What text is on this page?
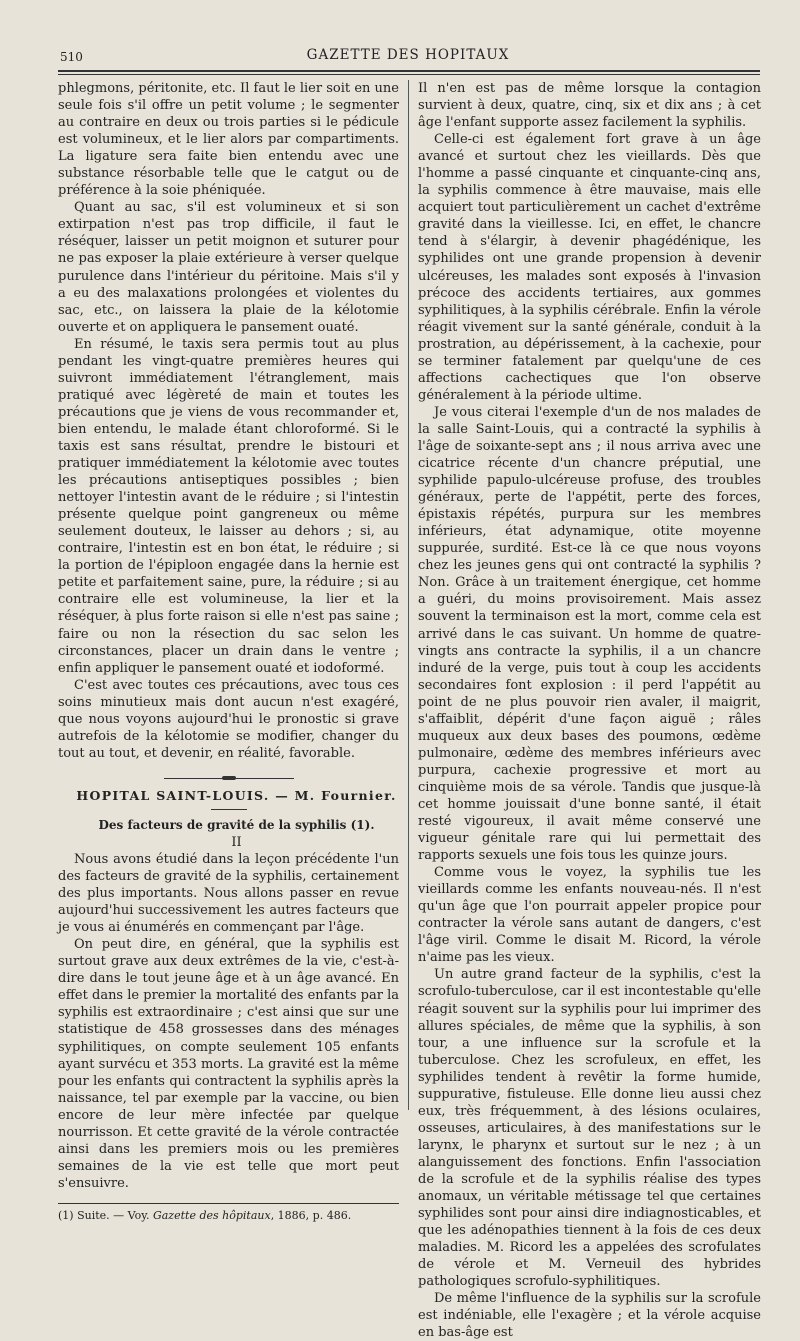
510	GAZETTE DES HOPITAUX

phlegmons, péritonite, etc. Il faut le lier soit en une seule fois s'il offre un petit volume ; le segmenter au contraire en deux ou trois parties si le pédicule est volumineux, et le lier alors par compartiments. La ligature sera faite bien entendu avec une substance résorbable telle que le catgut ou de préférence à la soie phéniquée.

Quant au sac, s'il est volumineux et si son extirpation n'est pas trop difficile, il faut le réséquer, laisser un petit moignon et suturer pour ne pas exposer la plaie extérieure à verser quelque purulence dans l'intérieur du péritoine. Mais s'il y a eu des malaxations prolongées et violentes du sac, etc., on laissera la plaie de la kélotomie ouverte et on appliquera le pansement ouaté.

En résumé, le taxis sera permis tout au plus pendant les vingt-quatre premières heures qui suivront immédiatement l'étranglement, mais pratiqué avec légèreté de main et toutes les précautions que je viens de vous recommander et, bien entendu, le malade étant chloroformé. Si le taxis est sans résultat, prendre le bistouri et pratiquer immédiatement la kélotomie avec toutes les précautions antiseptiques possibles ; bien nettoyer l'intestin avant de le réduire ; si l'intestin présente quelque point gangreneux ou même seulement douteux, le laisser au dehors ; si, au contraire, l'intestin est en bon état, le réduire ; si la portion de l'épiploon engagée dans la hernie est petite et parfaitement saine, pure, la réduire ; si au contraire elle est volumineuse, la lier et la réséquer, à plus forte raison si elle n'est pas saine ; faire ou non la résection du sac selon les circonstances, placer un drain dans le ventre ; enfin appliquer le pansement ouaté et iodoformé.

C'est avec toutes ces précautions, avec tous ces soins minutieux mais dont aucun n'est exagéré, que nous voyons aujourd'hui le pronostic si grave autrefois de la kélotomie se modifier, changer du tout au tout, et devenir, en réalité, favorable.

HOPITAL SAINT-LOUIS. — M. Fournier.

Des facteurs de gravité de la syphilis (1).

II

Nous avons étudié dans la leçon précédente l'un des facteurs de gravité de la syphilis, certainement des plus importants. Nous allons passer en revue aujourd'hui successivement les autres facteurs que je vous ai énumérés en commençant par l'âge.

On peut dire, en général, que la syphilis est surtout grave aux deux extrêmes de la vie, c'est-à-dire dans le tout jeune âge et à un âge avancé. En effet dans le premier la mortalité des enfants par la syphilis est extraordinaire ; c'est ainsi que sur une statistique de 458 grossesses dans des ménages syphilitiques, on compte seulement 105 enfants ayant survécu et 353 morts. La gravité est la même pour les enfants qui contractent la syphilis après la naissance, tel par exemple par la vaccine, ou bien encore de leur mère infectée par quelque nourrisson. Et cette gravité de la vérole contractée ainsi dans les premiers mois ou les premières semaines de la vie est telle que mort peut s'ensuivre.

(1) Suite. — Voy. Gazette des hôpitaux, 1886, p. 486.

Il n'en est pas de même lorsque la contagion survient à deux, quatre, cinq, six et dix ans ; à cet âge l'enfant supporte assez facilement la syphilis.

Celle-ci est également fort grave à un âge avancé et surtout chez les vieillards. Dès que l'homme a passé cinquante et cinquante-cinq ans, la syphilis commence à être mauvaise, mais elle acquiert tout particulièrement un cachet d'extrême gravité dans la vieillesse. Ici, en effet, le chancre tend à s'élargir, à devenir phagédénique, les syphilides ont une grande propension à devenir ulcéreuses, les malades sont exposés à l'invasion précoce des accidents tertiaires, aux gommes syphilitiques, à la syphilis cérébrale. Enfin la vérole réagit vivement sur la santé générale, conduit à la prostration, au dépérissement, à la cachexie, pour se terminer fatalement par quelqu'une de ces affections cachectiques que l'on observe généralement à la période ultime.

Je vous citerai l'exemple d'un de nos malades de la salle Saint-Louis, qui a contracté la syphilis à l'âge de soixante-sept ans ; il nous arriva avec une cicatrice récente d'un chancre préputial, une syphilide papulo-ulcéreuse profuse, des troubles généraux, perte de l'appétit, perte des forces, épistaxis répétés, purpura sur les membres inférieurs, état adynamique, otite moyenne suppurée, surdité. Est-ce là ce que nous voyons chez les jeunes gens qui ont contracté la syphilis ? Non. Grâce à un traitement énergique, cet homme a guéri, du moins provisoirement. Mais assez souvent la terminaison est la mort, comme cela est arrivé dans le cas suivant. Un homme de quatre-vingts ans contracte la syphilis, il a un chancre induré de la verge, puis tout à coup les accidents secondaires font explosion : il perd l'appétit au point de ne plus pouvoir rien avaler, il maigrit, s'affaiblit, dépérit d'une façon aiguë ; râles muqueux aux deux bases des poumons, œdème pulmonaire, œdème des membres inférieurs avec purpura, cachexie progressive et mort au cinquième mois de sa vérole. Tandis que jusque-là cet homme jouissait d'une bonne santé, il était resté vigoureux, il avait même conservé une vigueur génitale rare qui lui permettait des rapports sexuels une fois tous les quinze jours.

Comme vous le voyez, la syphilis tue les vieillards comme les enfants nouveau-nés. Il n'est qu'un âge que l'on pourrait appeler propice pour contracter la vérole sans autant de dangers, c'est l'âge viril. Comme le disait M. Ricord, la vérole n'aime pas les vieux.

Un autre grand facteur de la syphilis, c'est la scrofulo-tuberculose, car il est incontestable qu'elle réagit souvent sur la syphilis pour lui imprimer des allures spéciales, de même que la syphilis, à son tour, a une influence sur la scrofule et la tuberculose. Chez les scrofuleux, en effet, les syphilides tendent à revêtir la forme humide, suppurative, fistuleuse. Elle donne lieu aussi chez eux, très fréquemment, à des lésions oculaires, osseuses, articulaires, à des manifestations sur le larynx, le pharynx et surtout sur le nez ; à un alanguissement des fonctions. Enfin l'association de la scrofule et de la syphilis réalise des types anomaux, un véritable métissage tel que certaines syphilides sont pour ainsi dire indiagnosticables, et que les adénopathies tiennent à la fois de ces deux maladies. M. Ricord les a appelées des scrofulates de vérole et M. Verneuil des hybrides pathologiques scrofulo-syphilitiques.

De même l'influence de la syphilis sur la scrofule est indéniable, elle l'exagère ; et la vérole acquise en bas-âge est
